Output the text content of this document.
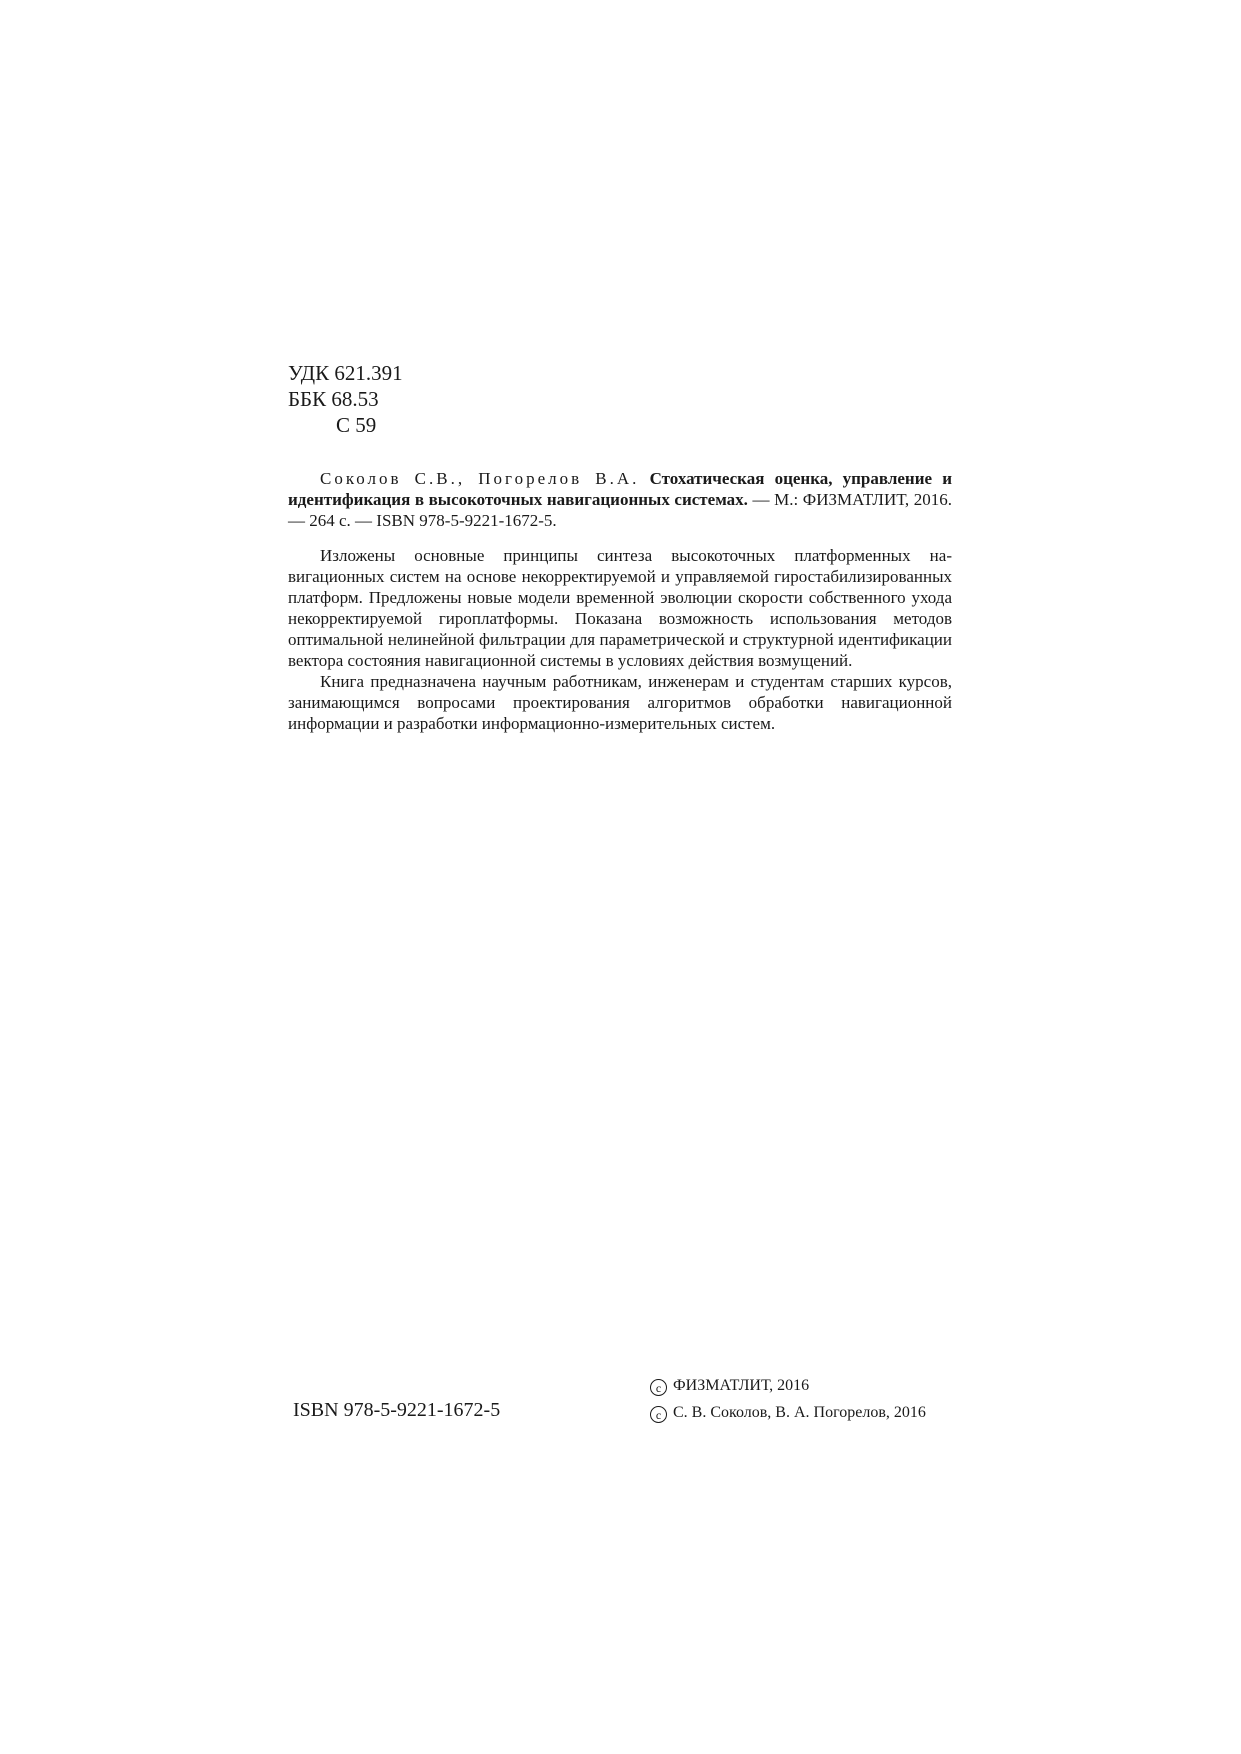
УДК 621.391
ББК 68.53
С 59

Соколов С.В., Погорелов В.А. Стохатическая оценка, управление и идентификация в высокоточных навигационных системах. — М.: ФИЗМАТЛИТ, 2016. — 264 с. — ISBN 978-5-9221-1672-5.

Изложены основные принципы синтеза высокоточных платформенных навигационных систем на основе некорректируемой и управляемой гиростабилизированных платформ. Предложены новые модели временной эволюции скорости собственного ухода некорректируемой гироплатформы. Показана возможность использования методов оптимальной нелинейной фильтрации для параметрической и структурной идентификации вектора состояния навигационной системы в условиях действия возмущений.

Книга предназначена научным работникам, инженерам и студентам старших курсов, занимающимся вопросами проектирования алгоритмов обработки навигационной информации и разработки информационно-измерительных систем.

ISBN 978-5-9221-1672-5
c ФИЗМАТЛИТ, 2016
c С. В. Соколов, В. А. Погорелов, 2016
